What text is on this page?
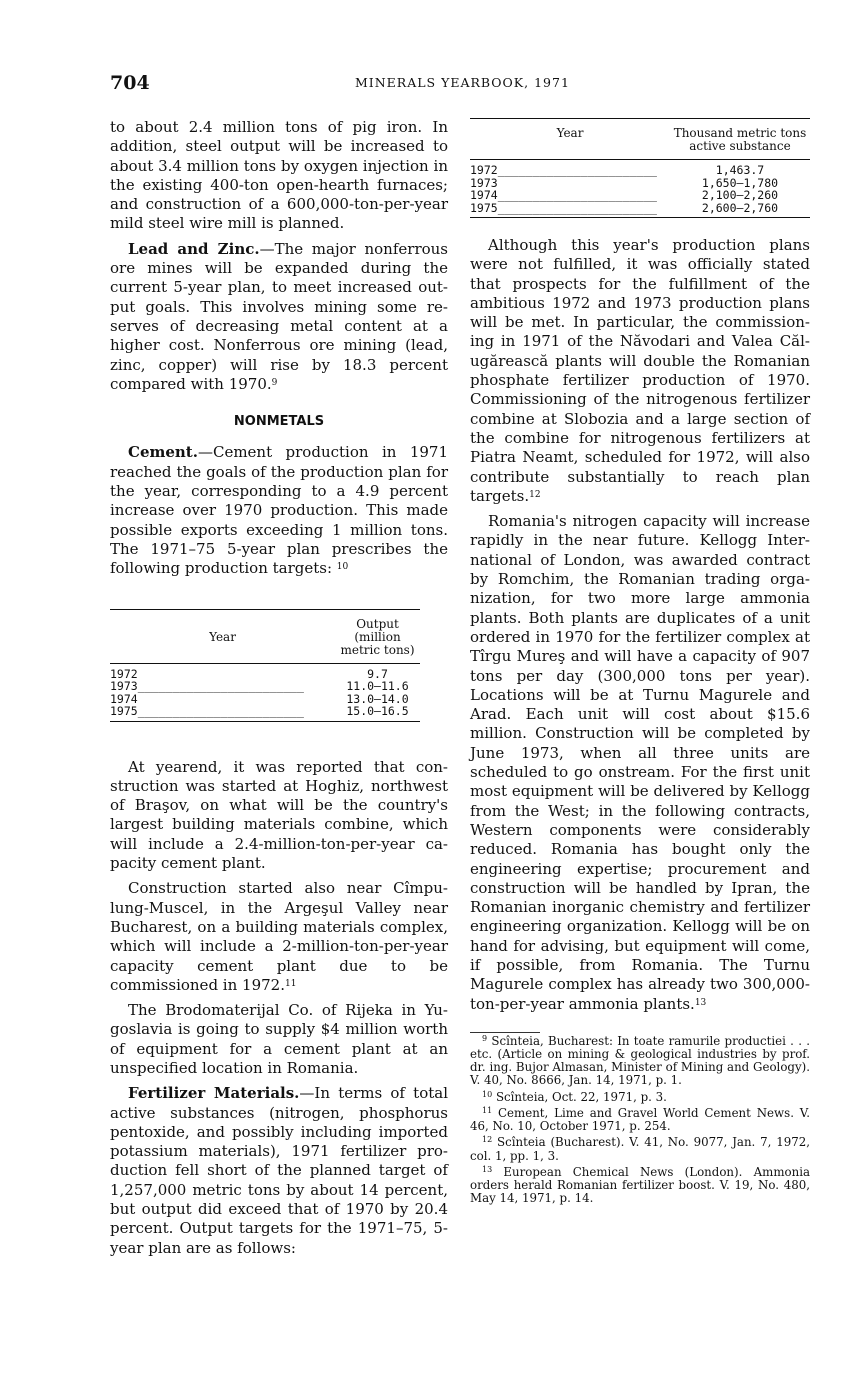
704	MINERALS YEARBOOK, 1971

to about 2.4 million tons of pig iron. In addition, steel output will be increased to about 3.4 million tons by oxygen injection in the existing 400-ton open-hearth furnaces; and construction of a 600,000-ton-per-year mild steel wire mill is planned.

Lead and Zinc.—The major nonferrous ore mines will be expanded during the current 5-year plan, to meet increased output goals. This involves mining some reserves of decreasing metal content at a higher cost. Nonferrous ore mining (lead, zinc, copper) will rise by 18.3 percent compared with 1970.$^9$

NONMETALS

Cement.—Cement production in 1971 reached the goals of the production plan for the year, corresponding to a 4.9 percent increase over 1970 production. This made possible exports exceeding 1 million tons. The 1971–75 5-year plan prescribes the following production targets: $^{10}$

Year	Output (million metric tons)
1972________________________	9.7
1973________________________	11.0–11.6
1974________________________	13.0–14.0
1975________________________	15.0–16.5

At yearend, it was reported that construction was started at Hoghiz, northwest of Braşov, on what will be the country's largest building materials combine, which will include a 2.4-million-ton-per-year capacity cement plant.

Construction started also near Cîmpulung-Muscel, in the Argeşul Valley near Bucharest, on a building materials complex, which will include a 2-million-ton-per-year capacity cement plant due to be commissioned in 1972.11

The Brodomaterijal Co. of Rijeka in Yugoslavia is going to supply $4 million worth of equipment for a cement plant at an unspecified location in Romania.

Fertilizer Materials.—In terms of total active substances (nitrogen, phosphorus pentoxide, and possibly including imported potassium materials), 1971 fertilizer production fell short of the planned target of 1,257,000 metric tons by about 14 percent, but output did exceed that of 1970 by 20.4 percent. Output targets for the 1971–75, 5-year plan are as follows:

Year	Thousand metric tons active substance
1972_______________________	1,463.7
1973_______________________	1,650–1,780
1974_______________________	2,100–2,260
1975_______________________	2,600–2,760

Although this year's production plans were not fulfilled, it was officially stated that prospects for the fulfillment of the ambitious 1972 and 1973 production plans will be met. In particular, the commissioning in 1971 of the Năvodari and Valea Călugărească plants will double the Romanian phosphate fertilizer production of 1970. Commissioning of the nitrogenous fertilizer combine at Slobozia and a large section of the combine for nitrogenous fertilizers at Piatra Neamt, scheduled for 1972, will also contribute substantially to reach plan targets.$^{12}$

Romania's nitrogen capacity will increase rapidly in the near future. Kellogg International of London, was awarded contract by Romchim, the Romanian trading organization, for two more large ammonia plants. Both plants are duplicates of a unit ordered in 1970 for the fertilizer complex at Tîrgu Mureş and will have a capacity of 907 tons per day (300,000 tons per year). Locations will be at Turnu Magurele and Arad. Each unit will cost about $15.6 million. Construction will be completed by June 1973, when all three units are scheduled to go onstream. For the first unit most equipment will be delivered by Kellogg from the West; in the following contracts, Western components were considerably reduced. Romania has bought only the engineering expertise; procurement and construction will be handled by Ipran, the Romanian inorganic chemistry and fertilizer engineering organization. Kellogg will be on hand for advising, but equipment will come, if possible, from Romania. The Turnu Magurele complex has already two 300,000-ton-per-year ammonia plants.$^{13}$

$^9$ Scînteia, Bucharest: In toate ramurile productiei . . . etc. (Article on mining & geological industries by prof. dr. ing. Bujor Almasan, Minister of Mining and Geology). V. 40, No. 8666, Jan. 14, 1971, p. 1.
$^{10}$ Scînteia, Oct. 22, 1971, p. 3.
$^{11}$ Cement, Lime and Gravel World Cement News. V. 46, No. 10, October 1971, p. 254.
$^{12}$ Scînteia (Bucharest). V. 41, No. 9077, Jan. 7, 1972, col. 1, pp. 1, 3.
$^{13}$ European Chemical News (London). Ammonia orders herald Romanian fertilizer boost. V. 19, No. 480, May 14, 1971, p. 14.
